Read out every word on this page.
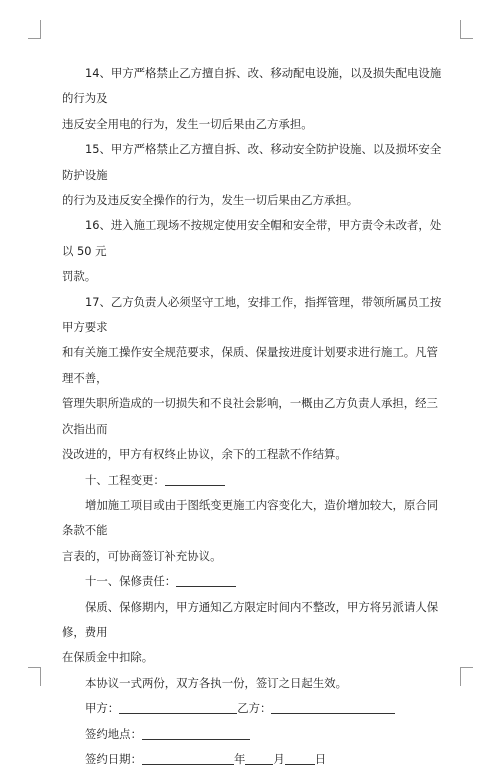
14、甲方严格禁止乙方擅自拆、改、移动配电设施，以及损失配电设施的行为及
违反安全用电的行为，发生一切后果由乙方承担。
15、甲方严格禁止乙方擅自拆、改、移动安全防护设施、以及损坏安全防护设施
的行为及违反安全操作的行为，发生一切后果由乙方承担。
16、进入施工现场不按规定使用安全帽和安全带，甲方责令未改者，处以 50 元
罚款。
17、乙方负责人必须坚守工地，安排工作，指挥管理，带领所属员工按甲方要求
和有关施工操作安全规范要求，保质、保量按进度计划要求进行施工。凡管理不善，
管理失职所造成的一切损失和不良社会影响，一概由乙方负责人承担，经三次指出而
没改进的，甲方有权终止协议，余下的工程款不作结算。
十、工程变更：
增加施工项目或由于图纸变更施工内容变化大，造价增加较大，原合同条款不能
言表的，可协商签订补充协议。
十一、保修责任：
保质、保修期内，甲方通知乙方限定时间内不整改，甲方将另派请人保修，费用
在保质金中扣除。
本协议一式两份，双方各执一份，签订之日起生效。
甲方：	乙方：
签约地点：
签约日期：	年 月	日
